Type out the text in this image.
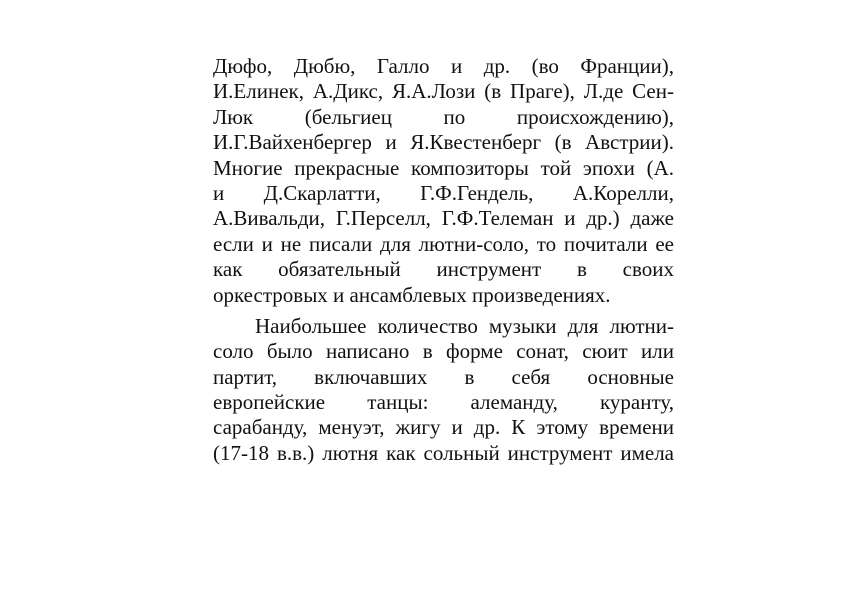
Дюфо, Дюбю, Галло и др. (во Франции),
И.Елинек, А.Дикс, Я.А.Лози (в Праге), Л.де Сен-
Люк (бельгиец по происхождению),
И.Г.Вайхенбергер и Я.Квестенберг (в Австрии).
Многие прекрасные композиторы той эпохи (А.
и Д.Скарлатти, Г.Ф.Гендель, А.Корелли,
А.Вивальди, Г.Перселл, Г.Ф.Телеман и др.) даже
если и не писали для лютни-соло, то почитали ее
как обязательный инструмент в своих
оркестровых и ансамблевых произведениях.

Наибольшее количество музыки для лютни-
соло было написано в форме сонат, сюит или
партит, включавших в себя основные
европейские танцы: алеманду, куранту,
сарабанду, менуэт, жигу и др. К этому времени
(17-18 в.в.) лютня как сольный инструмент имела
